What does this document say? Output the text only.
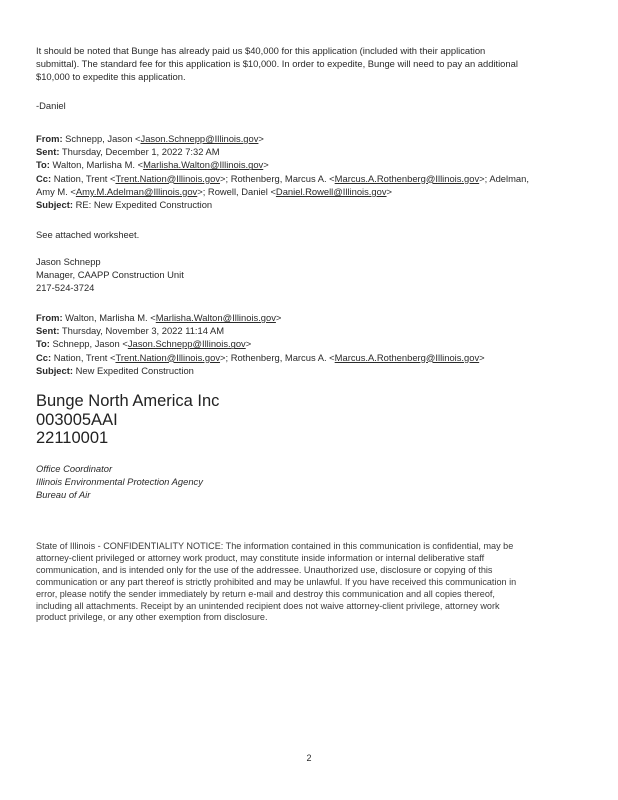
It should be noted that Bunge has already paid us $40,000 for this application (included with their application
submittal). The standard fee for this application is $10,000. In order to expedite, Bunge will need to pay an additional
$10,000 to expedite this application.
-Daniel
From: Schnepp, Jason <Jason.Schnepp@Illinois.gov>
Sent: Thursday, December 1, 2022 7:32 AM
To: Walton, Marlisha M. <Marlisha.Walton@Illinois.gov>
Cc: Nation, Trent <Trent.Nation@Illinois.gov>; Rothenberg, Marcus A. <Marcus.A.Rothenberg@Illinois.gov>; Adelman,
Amy M. <Amy.M.Adelman@Illinois.gov>; Rowell, Daniel <Daniel.Rowell@Illinois.gov>
Subject: RE: New Expedited Construction
See attached worksheet.
Jason Schnepp
Manager, CAAPP Construction Unit
217-524-3724
From: Walton, Marlisha M. <Marlisha.Walton@Illinois.gov>
Sent: Thursday, November 3, 2022 11:14 AM
To: Schnepp, Jason <Jason.Schnepp@Illinois.gov>
Cc: Nation, Trent <Trent.Nation@Illinois.gov>; Rothenberg, Marcus A. <Marcus.A.Rothenberg@Illinois.gov>
Subject: New Expedited Construction
Bunge North America Inc
003005AAI
22110001
Office Coordinator
Illinois Environmental Protection Agency
Bureau of Air
State of Illinois - CONFIDENTIALITY NOTICE: The information contained in this communication is confidential, may be
attorney-client privileged or attorney work product, may constitute inside information or internal deliberative staff
communication, and is intended only for the use of the addressee. Unauthorized use, disclosure or copying of this
communication or any part thereof is strictly prohibited and may be unlawful. If you have received this communication in
error, please notify the sender immediately by return e-mail and destroy this communication and all copies thereof,
including all attachments. Receipt by an unintended recipient does not waive attorney-client privilege, attorney work
product privilege, or any other exemption from disclosure.
2
